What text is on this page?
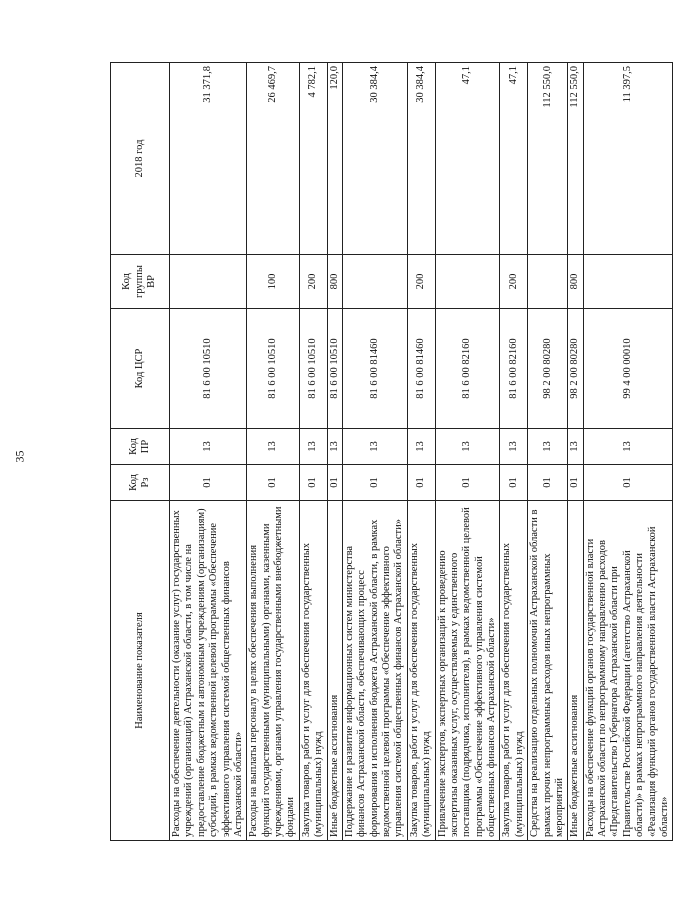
35
Наименование показателя	Код Рз	Код ПР	Код ЦСР	Код группы ВР	2018 год
Расходы на обеспечение деятельности (оказание услуг) государственных учреждений (организаций) Астраханской области, в том числе на предоставление бюджетным и автономным учреждениям (организациям) субсидий, в рамках ведомственной целевой программы «Обеспечение эффективного управления системой общественных финансов Астраханской области»	01	13	81 6 00 10510		31 371,8
Расходы на выплаты персоналу в целях обеспечения выполнения функций государственными (муниципальными) органами, казенными учреждениями, органами управления государственными внебюджетными фондами	01	13	81 6 00 10510	100	26 469,7
Закупка товаров, работ и услуг для обеспечения государственных (муниципальных) нужд	01	13	81 6 00 10510	200	4 782,1
Иные бюджетные ассигнования	01	13	81 6 00 10510	800	120,0
Поддержание и развитие информационных систем министерства финансов Астраханской области, обеспечивающих процесс формирования и исполнения бюджета Астраханской области, в рамках ведомственной целевой программы «Обеспечение эффективного управления системой общественных финансов Астраханской области»	01	13	81 6 00 81460		30 384,4
Закупка товаров, работ и услуг для обеспечения государственных (муниципальных) нужд	01	13	81 6 00 81460	200	30 384,4
Привлечение экспертов, экспертных организаций к проведению экспертизы оказанных услуг, осуществляемых у единственного поставщика (подрядчика, исполнителя), в рамках ведомственной целевой программы «Обеспечение эффективного управления системой общественных финансов Астраханской области»	01	13	81 6 00 82160		47,1
Закупка товаров, работ и услуг для обеспечения государственных (муниципальных) нужд	01	13	81 6 00 82160	200	47,1
Средства на реализацию отдельных полномочий Астраханской области в рамках прочих непрограммных расходов иных непрограммных мероприятий	01	13	98 2 00 80280		112 550,0
Иные бюджетные ассигнования	01	13	98 2 00 80280	800	112 550,0
Расходы на обеспечение функций органов государственной власти Астраханской области по непрограммному направлению расходов «Представительство Губернатора Астраханской области при Правительстве Российской Федерации (агентство Астраханской области)» в рамках непрограммного направления деятельности «Реализация функций органов государственной власти Астраханской области»	01	13	99 4 00 00010		11 397,5
